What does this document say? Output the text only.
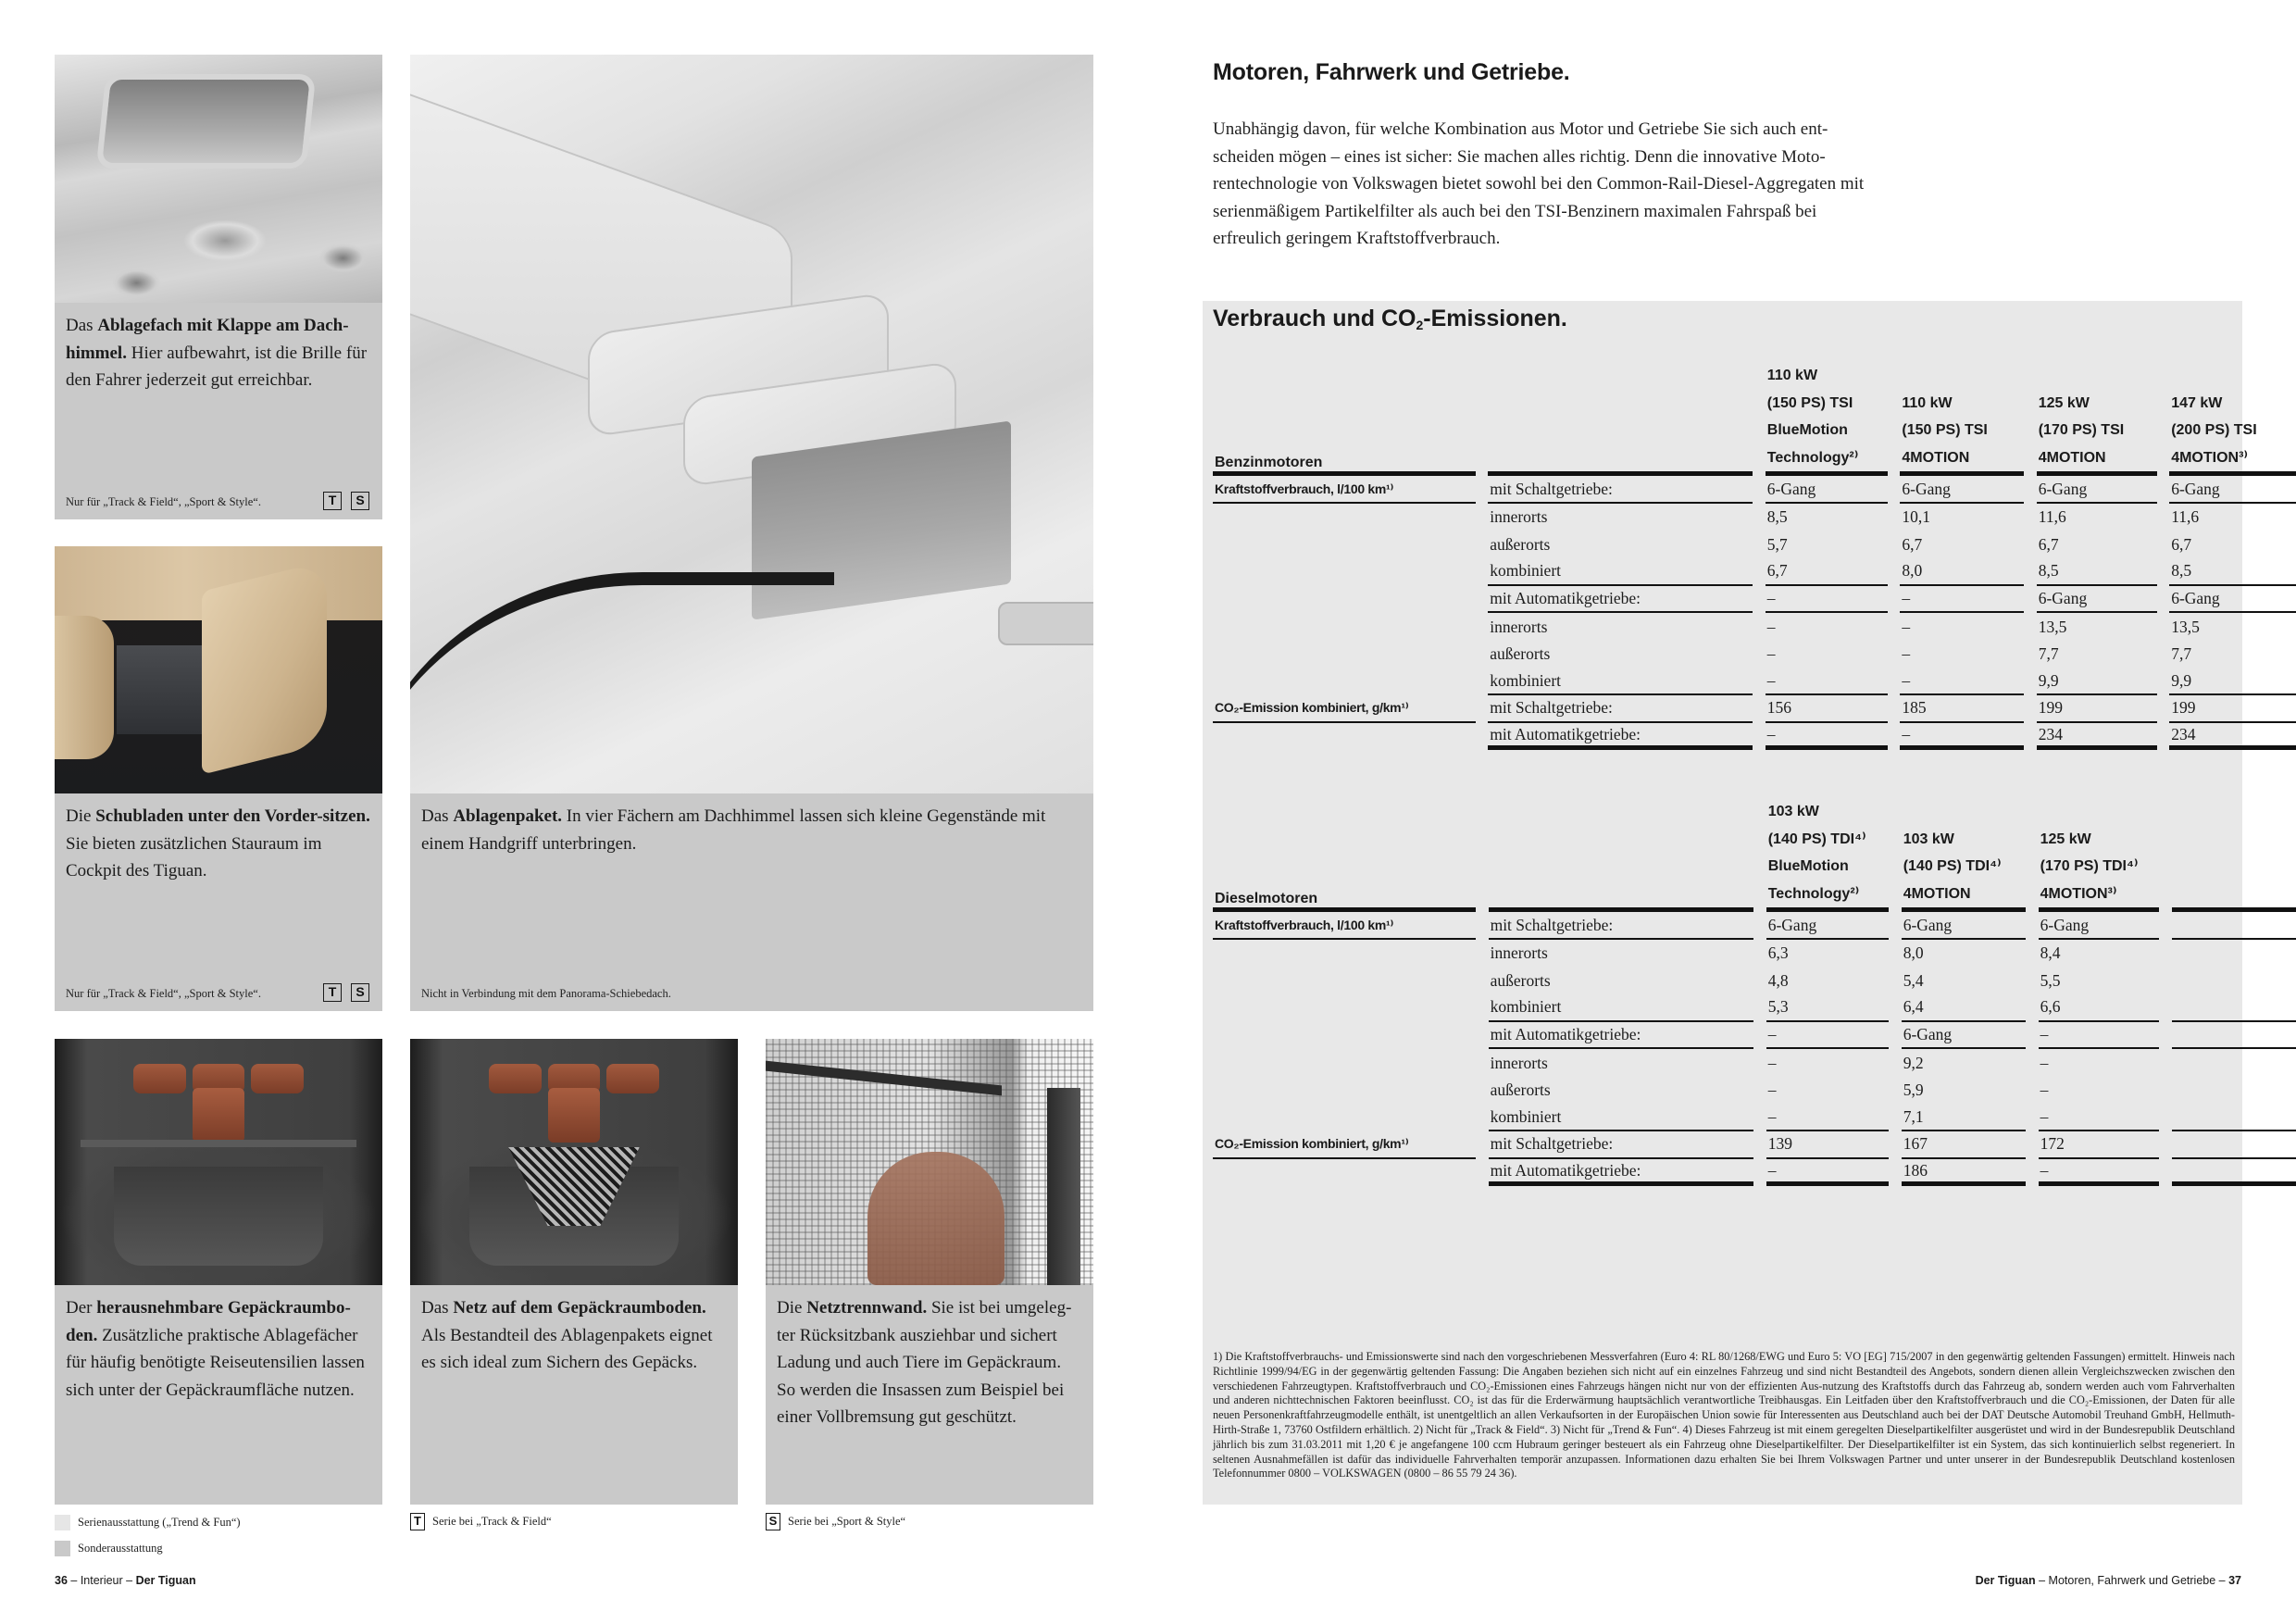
Das Ablagefach mit Klappe am Dach-himmel. Hier aufbewahrt, ist die Brille für den Fahrer jederzeit gut erreichbar.
Nur für „Track & Field“, „Sport & Style“.	T	S
Die Schubladen unter den Vorder-sitzen. Sie bieten zusätzlichen Stauraum im Cockpit des Tiguan.
Nur für „Track & Field“, „Sport & Style“.	T	S
Das Ablagenpaket. In vier Fächern am Dachhimmel lassen sich kleine Gegenstände mit einem Handgriff unterbringen.
Nicht in Verbindung mit dem Panorama-Schiebedach.
Der herausnehmbare Gepäckraumbo-den. Zusätzliche praktische Ablagefächer für häufig benötigte Reiseutensilien lassen sich unter der Gepäckraumfläche nutzen.
Das Netz auf dem Gepäckraumboden. Als Bestandteil des Ablagenpakets eignet es sich ideal zum Sichern des Gepäcks.
Die Netztrennwand. Sie ist bei umgeleg-ter Rücksitzbank ausziehbar und sichert Ladung und auch Tiere im Gepäckraum. So werden die Insassen zum Beispiel bei einer Vollbremsung gut geschützt.
Serienausstattung („Trend & Fun“)
Sonderausstattung
T Serie bei „Track & Field“	S Serie bei „Sport & Style“
36 – Interieur – Der Tiguan
Motoren, Fahrwerk und Getriebe.
Unabhängig davon, für welche Kombination aus Motor und Getriebe Sie sich auch ent-scheiden mögen – eines ist sicher: Sie machen alles richtig. Denn die innovative Moto-rentechnologie von Volkswagen bietet sowohl bei den Common-Rail-Diesel-Aggregaten mit serienmäßigem Partikelfilter als auch bei den TSI-Benzinern maximalen Fahrspaß bei erfreulich geringem Kraftstoffverbrauch.
Verbrauch und $CO_2$-Emissionen.
				110 kW						
				(150 PS) TSI		110 kW		125 kW		147 kW
				BlueMotion		(150 PS) TSI		(170 PS) TSI		(200 PS) TSI
Benzinmotoren				Technology²⁾		4MOTION		4MOTION		4MOTION³⁾
Kraftstoffverbrauch, l/100 km¹⁾		mit Schaltgetriebe:		6-Gang		6-Gang		6-Gang		6-Gang
		innerorts		8,5		10,1		11,6		11,6
		außerorts		5,7		6,7		6,7		6,7
		kombiniert		6,7		8,0		8,5		8,5
		mit Automatikgetriebe:		–		–		6-Gang		6-Gang
		innerorts		–		–		13,5		13,5
		außerorts		–		–		7,7		7,7
		kombiniert		–		–		9,9		9,9
CO₂-Emission kombiniert, g/km¹⁾		mit Schaltgetriebe:		156		185		199		199
		mit Automatikgetriebe:		–		–		234		234
				103 kW						
				(140 PS) TDI⁴⁾		103 kW		125 kW		
				BlueMotion		(140 PS) TDI⁴⁾		(170 PS) TDI⁴⁾		
Dieselmotoren				Technology²⁾		4MOTION		4MOTION³⁾		
Kraftstoffverbrauch, l/100 km¹⁾		mit Schaltgetriebe:		6-Gang		6-Gang		6-Gang		
		innerorts		6,3		8,0		8,4		
		außerorts		4,8		5,4		5,5		
		kombiniert		5,3		6,4		6,6		
		mit Automatikgetriebe:		–		6-Gang		–		
		innerorts		–		9,2		–		
		außerorts		–		5,9		–		
		kombiniert		–		7,1		–		
CO₂-Emission kombiniert, g/km¹⁾		mit Schaltgetriebe:		139		167		172		
		mit Automatikgetriebe:		–		186		–		
1) Die Kraftstoffverbrauchs- und Emissionswerte sind nach den vorgeschriebenen Messverfahren (Euro 4: RL 80/1268/EWG und Euro 5: VO [EG] 715/2007 in den gegenwärtig geltenden Fassungen) ermittelt. Hinweis nach Richtlinie 1999/94/EG in der gegenwärtig geltenden Fassung: Die Angaben beziehen sich nicht auf ein einzelnes Fahrzeug und sind nicht Bestandteil des Angebots, sondern dienen allein Vergleichszwecken zwischen den verschiedenen Fahrzeugtypen. Kraftstoffverbrauch und CO₂-Emissionen eines Fahrzeugs hängen nicht nur von der effizienten Aus-nutzung des Kraftstoffs durch das Fahrzeug ab, sondern werden auch vom Fahrverhalten und anderen nichttechnischen Faktoren beeinflusst. CO₂ ist das für die Erderwärmung hauptsächlich verantwortliche Treibhausgas. Ein Leitfaden über den Kraftstoffverbrauch und die CO₂-Emissionen, der Daten für alle neuen Personenkraftfahrzeugmodelle enthält, ist unentgeltlich an allen Verkaufsorten in der Europäischen Union sowie für Interessenten aus Deutschland auch bei der DAT Deutsche Automobil Treuhand GmbH, Hellmuth-Hirth-Straße 1, 73760 Ostfildern erhältlich. 2) Nicht für „Track & Field“. 3) Nicht für „Trend & Fun“. 4) Dieses Fahrzeug ist mit einem geregelten Dieselpartikelfilter ausgerüstet und wird in der Bundesrepublik Deutschland jährlich bis zum 31.03.2011 mit 1,20 € je angefangene 100 ccm Hubraum geringer besteuert als ein Fahrzeug ohne Dieselpartikelfilter. Der Dieselpartikelfilter ist ein System, das sich kontinuierlich selbst regeneriert. In seltenen Ausnahmefällen ist dafür das individuelle Fahrverhalten temporär anzupassen. Informationen dazu erhalten Sie bei Ihrem Volkswagen Partner und unter unserer in der Bundesrepublik Deutschland kostenlosen Telefonnummer 0800 – VOLKSWAGEN (0800 – 86 55 79 24 36).
Der Tiguan – Motoren, Fahrwerk und Getriebe – 37
